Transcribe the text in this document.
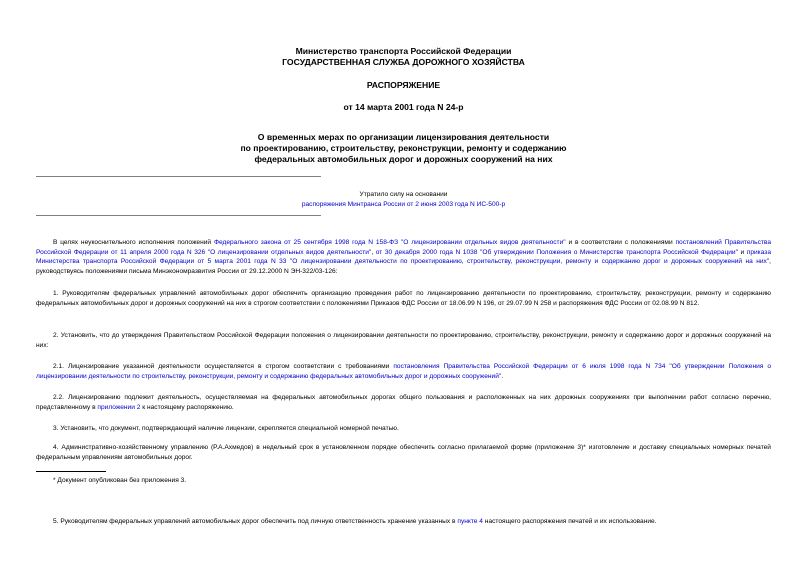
Министерство транспорта Российской Федерации
ГОСУДАРСТВЕННАЯ СЛУЖБА ДОРОЖНОГО ХОЗЯЙСТВА
РАСПОРЯЖЕНИЕ
от 14 марта 2001 года N 24-р
О временных мерах по организации лицензирования деятельности
по проектированию, строительству, реконструкции, ремонту и содержанию
федеральных автомобильных дорог и дорожных сооружений на них
Утратило силу на основании
распоряжения Минтранса России от 2 июня 2003 года N ИС-500-р
В целях неукоснительного исполнения положений Федерального закона от 25 сентября 1998 года N 158-ФЗ "О лицензировании отдельных видов деятельности" и в соответствии с положениями постановлений Правительства Российской Федерации от 11 апреля 2000 года N 326 "О лицензировании отдельных видов деятельности", от 30 декабря 2000 года N 1038 "Об утверждении Положения о Министерстве транспорта Российской Федерации" и приказа Министерства транспорта Российской Федерации от 5 марта 2001 года N 33 "О лицензировании деятельности по проектированию, строительству, реконструкции, ремонту и содержанию дорог и дорожных сооружений на них", руководствуясь положениями письма Минэкономразвития России от 29.12.2000 N ЭН-322/03-126:
1. Руководителям федеральных управлений автомобильных дорог обеспечить организацию проведения работ по лицензированию деятельности по проектированию, строительству, реконструкции, ремонту и содержанию федеральных автомобильных дорог и дорожных сооружений на них в строгом соответствии с положениями Приказов ФДС России от 18.06.99 N 196, от 29.07.99 N 258 и распоряжения ФДС России от 02.08.99 N 812.
2. Установить, что до утверждения Правительством Российской Федерации положения о лицензировании деятельности по проектированию, строительству, реконструкции, ремонту и содержанию дорог и дорожных сооружений на них:
2.1. Лицензирование указанной деятельности осуществляется в строгом соответствии с требованиями постановления Правительства Российской Федерации от 6 июля 1998 года N 734 "Об утверждении Положения о лицензировании деятельности по строительству, реконструкции, ремонту и содержанию федеральных автомобильных дорог и дорожных сооружений".
2.2. Лицензированию подлежит деятельность, осуществляемая на федеральных автомобильных дорогах общего пользования и расположенных на них дорожных сооружениях при выполнении работ согласно перечню, представленному в приложении 2 к настоящему распоряжению.
3. Установить, что документ, подтверждающий наличие лицензии, скрепляется специальной номерной печатью.
4. Административно-хозяйственному управлению (Р.А.Ахмедов) в недельный срок в установленном порядке обеспечить согласно прилагаемой форме (приложение 3)* изготовление и доставку специальных номерных печатей федеральным управлениям автомобильных дорог.
* Документ опубликован без приложения 3.
5. Руководителям федеральных управлений автомобильных дорог обеспечить под личную ответственность хранение указанных в пункте 4 настоящего распоряжения печатей и их использование.
